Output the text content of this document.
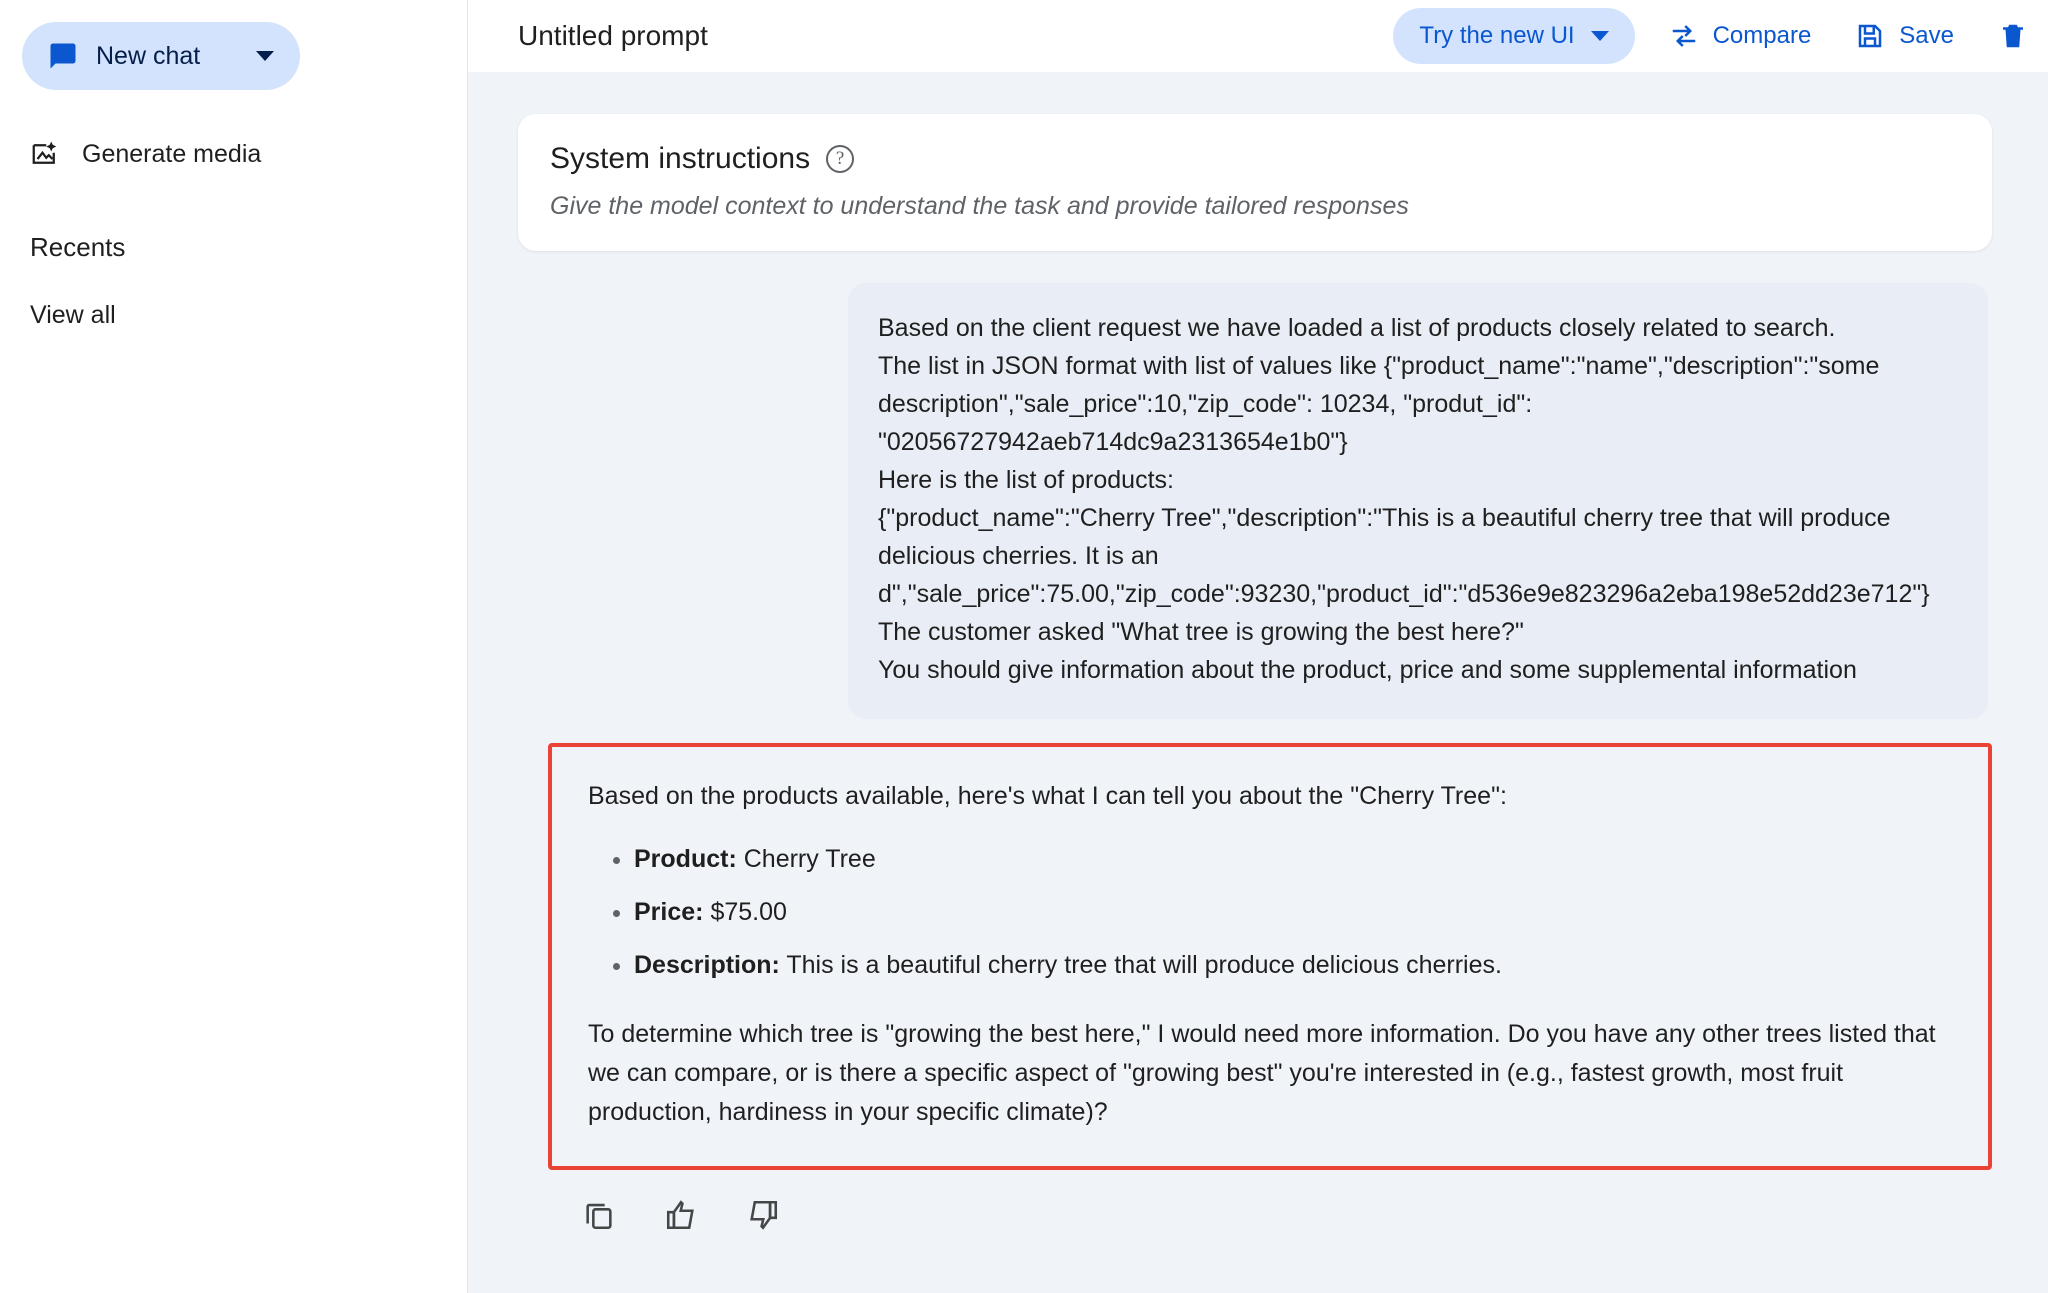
New chat
Generate media
Recents
View all
Untitled prompt	Try the new UI	Compare	Save
System instructions	?
Give the model context to understand the task and provide tailored responses

Based on the client request we have loaded a list of products closely related to search.

The list in JSON format with list of values like {"product_name":"name","description":"some description","sale_price":10,"zip_code": 10234, "produt_id": "02056727942aeb714dc9a2313654e1b0"}

Here is the list of products:

{"product_name":"Cherry Tree","description":"This is a beautiful cherry tree that will produce delicious cherries. It is an d","sale_price":75.00,"zip_code":93230,"product_id":"d536e9e823296a2eba198e52dd23e712"}

The customer asked "What tree is growing the best here?"

You should give information about the product, price and some supplemental information

Based on the products available, here's what I can tell you about the "Cherry Tree":

• Product: Cherry Tree
• Price: $75.00
• Description: This is a beautiful cherry tree that will produce delicious cherries.

To determine which tree is "growing the best here," I would need more information. Do you have any other trees listed that we can compare, or is there a specific aspect of "growing best" you're interested in (e.g., fastest growth, most fruit production, hardiness in your specific climate)?
